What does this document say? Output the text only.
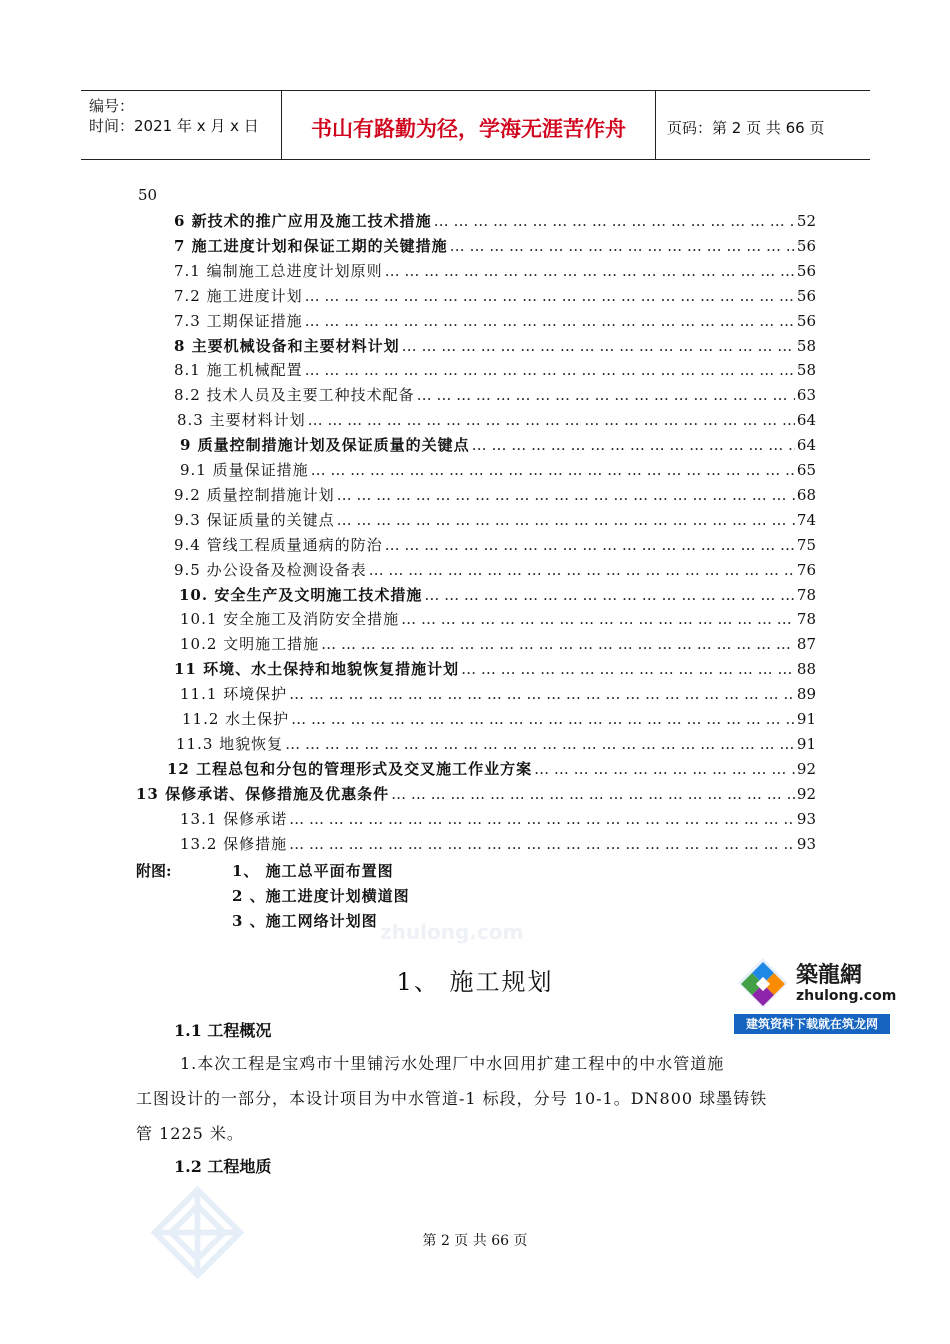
编号：
时间：2021 年 x 月 x 日	书山有路勤为径，学海无涯苦作舟	页码：第 2 页 共 66 页
50
6 新技术的推广应用及施工技术措施 … … … … … … … … … … … … … … … … … … … … … … … … … … … … … … … … … … … … … … … … … … … … … … … … … … … … … … … …	52
7 施工进度计划和保证工期的关键措施 … … … … … … … … … … … … … … … … … … … … … … … … … … … … … … … … … … … … … … … … … … … … … … … … … … … … … … … …	56
7.1 编制施工总进度计划原则 … … … … … … … … … … … … … … … … … … … … … … … … … … … … … … … … … … … … … … … … … … … … … … … … … … … … … … … …	56
7.2 施工进度计划 … … … … … … … … … … … … … … … … … … … … … … … … … … … … … … … … … … … … … … … … … … … … … … … … … … … … … … … …	56
7.3 工期保证措施 … … … … … … … … … … … … … … … … … … … … … … … … … … … … … … … … … … … … … … … … … … … … … … … … … … … … … … … …	56
8 主要机械设备和主要材料计划 … … … … … … … … … … … … … … … … … … … … … … … … … … … … … … … … … … … … … … … … … … … … … … … … … … … … … … … …	58
8.1 施工机械配置 … … … … … … … … … … … … … … … … … … … … … … … … … … … … … … … … … … … … … … … … … … … … … … … … … … … … … … … …	58
8.2 技术人员及主要工种技术配备 … … … … … … … … … … … … … … … … … … … … … … … … … … … … … … … … … … … … … … … … … … … … … … … … … … … … … … … …	63
8.3 主要材料计划 … … … … … … … … … … … … … … … … … … … … … … … … … … … … … … … … … … … … … … … … … … … … … … … … … … … … … … … …	64
9 质量控制措施计划及保证质量的关键点 … … … … … … … … … … … … … … … … … … … … … … … … … … … … … … … … … … … … … … … … … … … … … … … … … … … … … … … …	64
9.1 质量保证措施 … … … … … … … … … … … … … … … … … … … … … … … … … … … … … … … … … … … … … … … … … … … … … … … … … … … … … … … …	65
9.2 质量控制措施计划 … … … … … … … … … … … … … … … … … … … … … … … … … … … … … … … … … … … … … … … … … … … … … … … … … … … … … … … …	68
9.3 保证质量的关键点 … … … … … … … … … … … … … … … … … … … … … … … … … … … … … … … … … … … … … … … … … … … … … … … … … … … … … … … …	74
9.4 管线工程质量通病的防治 … … … … … … … … … … … … … … … … … … … … … … … … … … … … … … … … … … … … … … … … … … … … … … … … … … … … … … … …	75
9.5 办公设备及检测设备表 … … … … … … … … … … … … … … … … … … … … … … … … … … … … … … … … … … … … … … … … … … … … … … … … … … … … … … … …	76
10. 安全生产及文明施工技术措施 … … … … … … … … … … … … … … … … … … … … … … … … … … … … … … … … … … … … … … … … … … … … … … … … … … … … … … … …	78
10.1 安全施工及消防安全措施 … … … … … … … … … … … … … … … … … … … … … … … … … … … … … … … … … … … … … … … … … … … … … … … … … … … … … … … …	78
10.2 文明施工措施 … … … … … … … … … … … … … … … … … … … … … … … … … … … … … … … … … … … … … … … … … … … … … … … … … … … … … … … …	87
11 环境、水土保持和地貌恢复措施计划 … … … … … … … … … … … … … … … … … … … … … … … … … … … … … … … … … … … … … … … … … … … … … … … … … … … … … … … …	88
11.1 环境保护 … … … … … … … … … … … … … … … … … … … … … … … … … … … … … … … … … … … … … … … … … … … … … … … … … … … … … … … …	89
11.2 水土保护 … … … … … … … … … … … … … … … … … … … … … … … … … … … … … … … … … … … … … … … … … … … … … … … … … … … … … … … …	91
11.3 地貌恢复 … … … … … … … … … … … … … … … … … … … … … … … … … … … … … … … … … … … … … … … … … … … … … … … … … … … … … … … …	91
12 工程总包和分包的管理形式及交叉施工作业方案 … … … … … … … … … … … … … … … … … … … … … … … … … … … … … … … … … … … … … … … … … … … … … … … … … … … … … … … …	92
13 保修承诺、保修措施及优惠条件 … … … … … … … … … … … … … … … … … … … … … … … … … … … … … … … … … … … … … … … … … … … … … … … … … … … … … … … …	92
13.1 保修承诺 … … … … … … … … … … … … … … … … … … … … … … … … … … … … … … … … … … … … … … … … … … … … … … … … … … … … … … … …	93
13.2 保修措施 … … … … … … … … … … … … … … … … … … … … … … … … … … … … … … … … … … … … … … … … … … … … … … … … … … … … … … … …	93
附图:	1、 施工总平面布置图
2 、施工进度计划横道图
3 、施工网络计划图 zhulong.com
1、 施工规划	築龍網
zhulong.com
建筑资料下载就在筑龙网
1.1 工程概况
1.本次工程是宝鸡市十里铺污水处理厂中水回用扩建工程中的中水管道施
工图设计的一部分，本设计项目为中水管道-1 标段，分号 10-1。DN800 球墨铸铁
管 1225 米。
1.2 工程地质
第 2 页 共 66 页
